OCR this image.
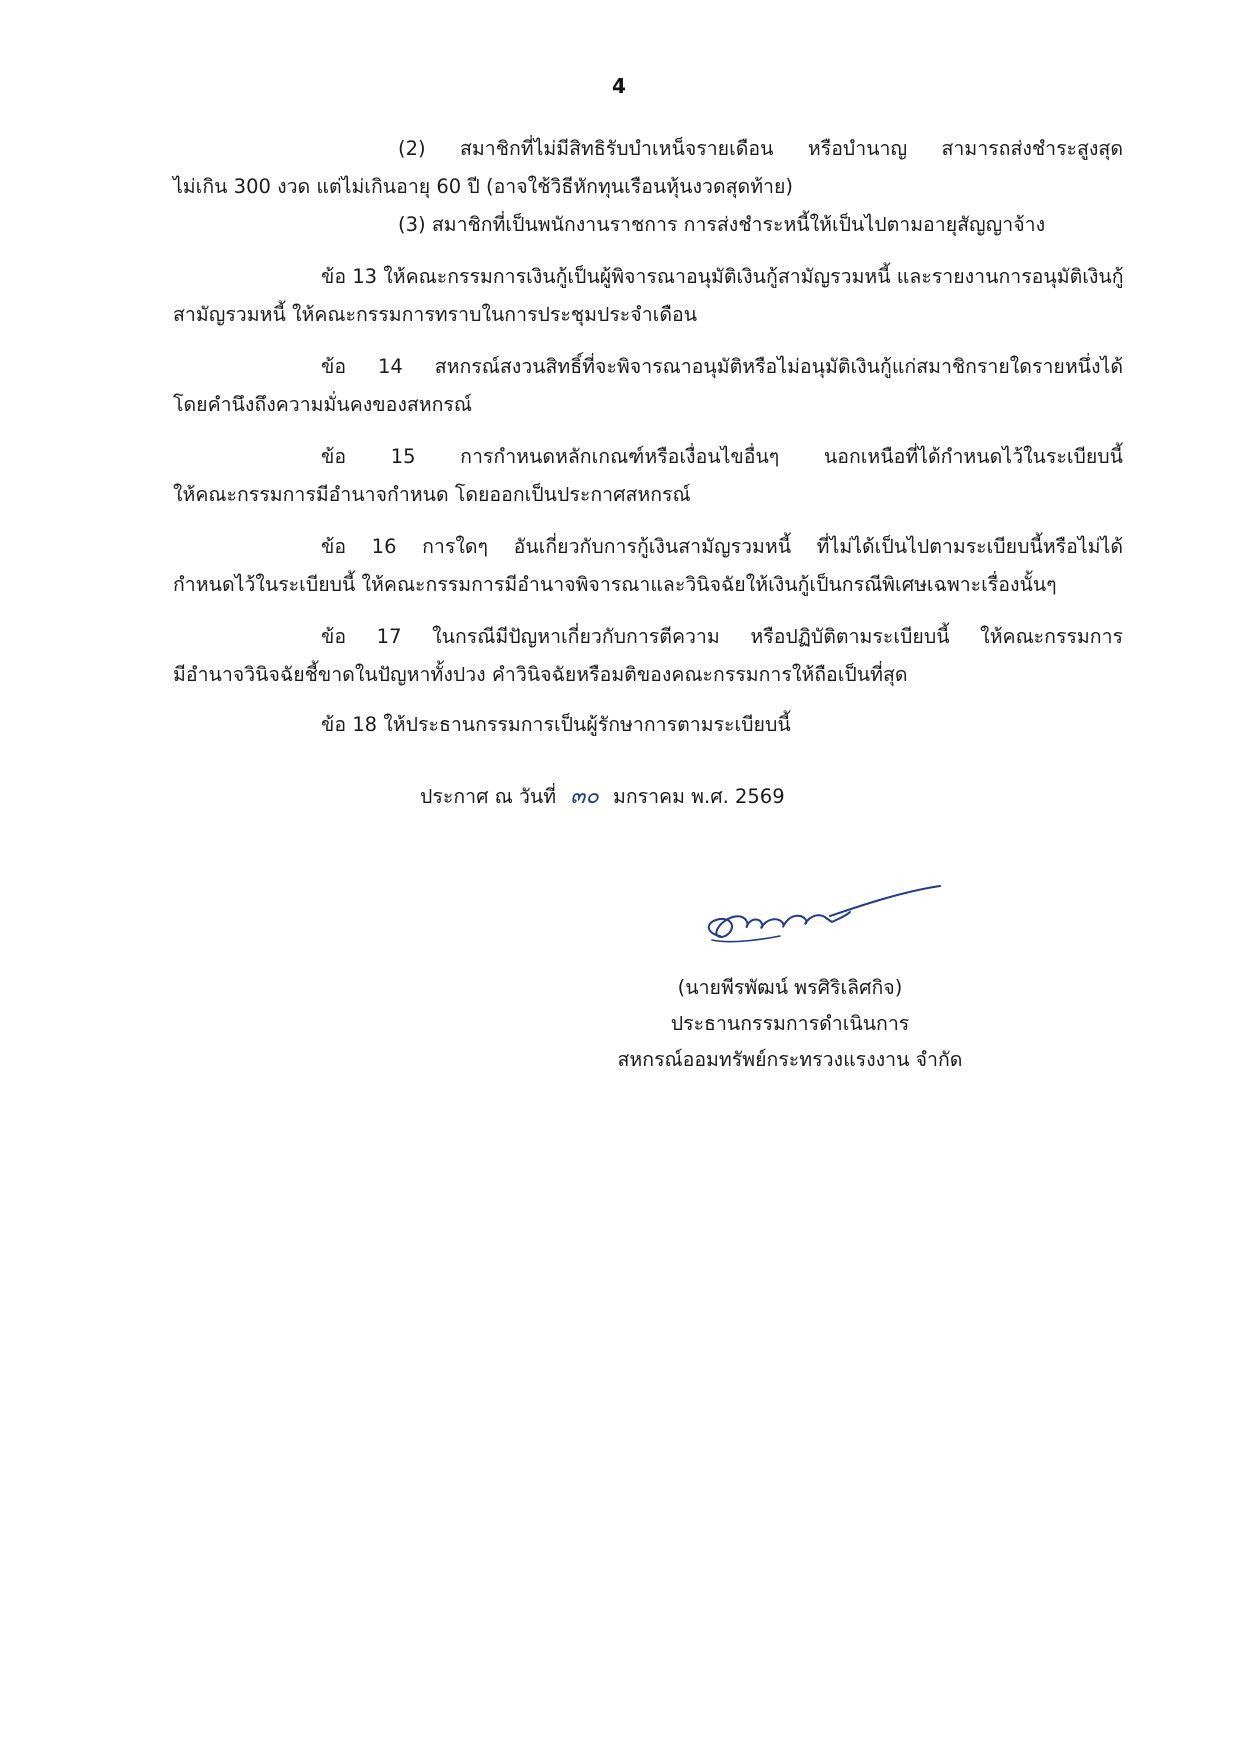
4
(2) สมาชิกที่ไม่มีสิทธิรับบำเหน็จรายเดือน หรือบำนาญ สามารถส่งชำระสูงสุด
ไม่เกิน 300 งวด แต่ไม่เกินอายุ 60 ปี (อาจใช้วิธีหักทุนเรือนหุ้นงวดสุดท้าย)
(3) สมาชิกที่เป็นพนักงานราชการ การส่งชำระหนี้ให้เป็นไปตามอายุสัญญาจ้าง
ข้อ 13 ให้คณะกรรมการเงินกู้เป็นผู้พิจารณาอนุมัติเงินกู้สามัญรวมหนี้ และรายงานการอนุมัติเงินกู้
สามัญรวมหนี้ ให้คณะกรรมการทราบในการประชุมประจำเดือน
ข้อ 14 สหกรณ์สงวนสิทธิ์ที่จะพิจารณาอนุมัติหรือไม่อนุมัติเงินกู้แก่สมาชิกรายใดรายหนึ่งได้
โดยคำนึงถึงความมั่นคงของสหกรณ์
ข้อ 15 การกำหนดหลักเกณฑ์หรือเงื่อนไขอื่นๆ นอกเหนือที่ได้กำหนดไว้ในระเบียบนี้
ให้คณะกรรมการมีอำนาจกำหนด โดยออกเป็นประกาศสหกรณ์
ข้อ 16 การใดๆ อันเกี่ยวกับการกู้เงินสามัญรวมหนี้ ที่ไม่ได้เป็นไปตามระเบียบนี้หรือไม่ได้
กำหนดไว้ในระเบียบนี้ ให้คณะกรรมการมีอำนาจพิจารณาและวินิจฉัยให้เงินกู้เป็นกรณีพิเศษเฉพาะเรื่องนั้นๆ
ข้อ 17 ในกรณีมีปัญหาเกี่ยวกับการตีความ หรือปฏิบัติตามระเบียบนี้ ให้คณะกรรมการ
มีอำนาจวินิจฉัยชี้ขาดในปัญหาทั้งปวง คำวินิจฉัยหรือมติของคณะกรรมการให้ถือเป็นที่สุด
ข้อ 18 ให้ประธานกรรมการเป็นผู้รักษาการตามระเบียบนี้
ประกาศ ณ วันที่ ๓๐ มกราคม พ.ศ. 2569
(นายพีรพัฒน์ พรศิริเลิศกิจ)
ประธานกรรมการดำเนินการ
สหกรณ์ออมทรัพย์กระทรวงแรงงาน จำกัด
